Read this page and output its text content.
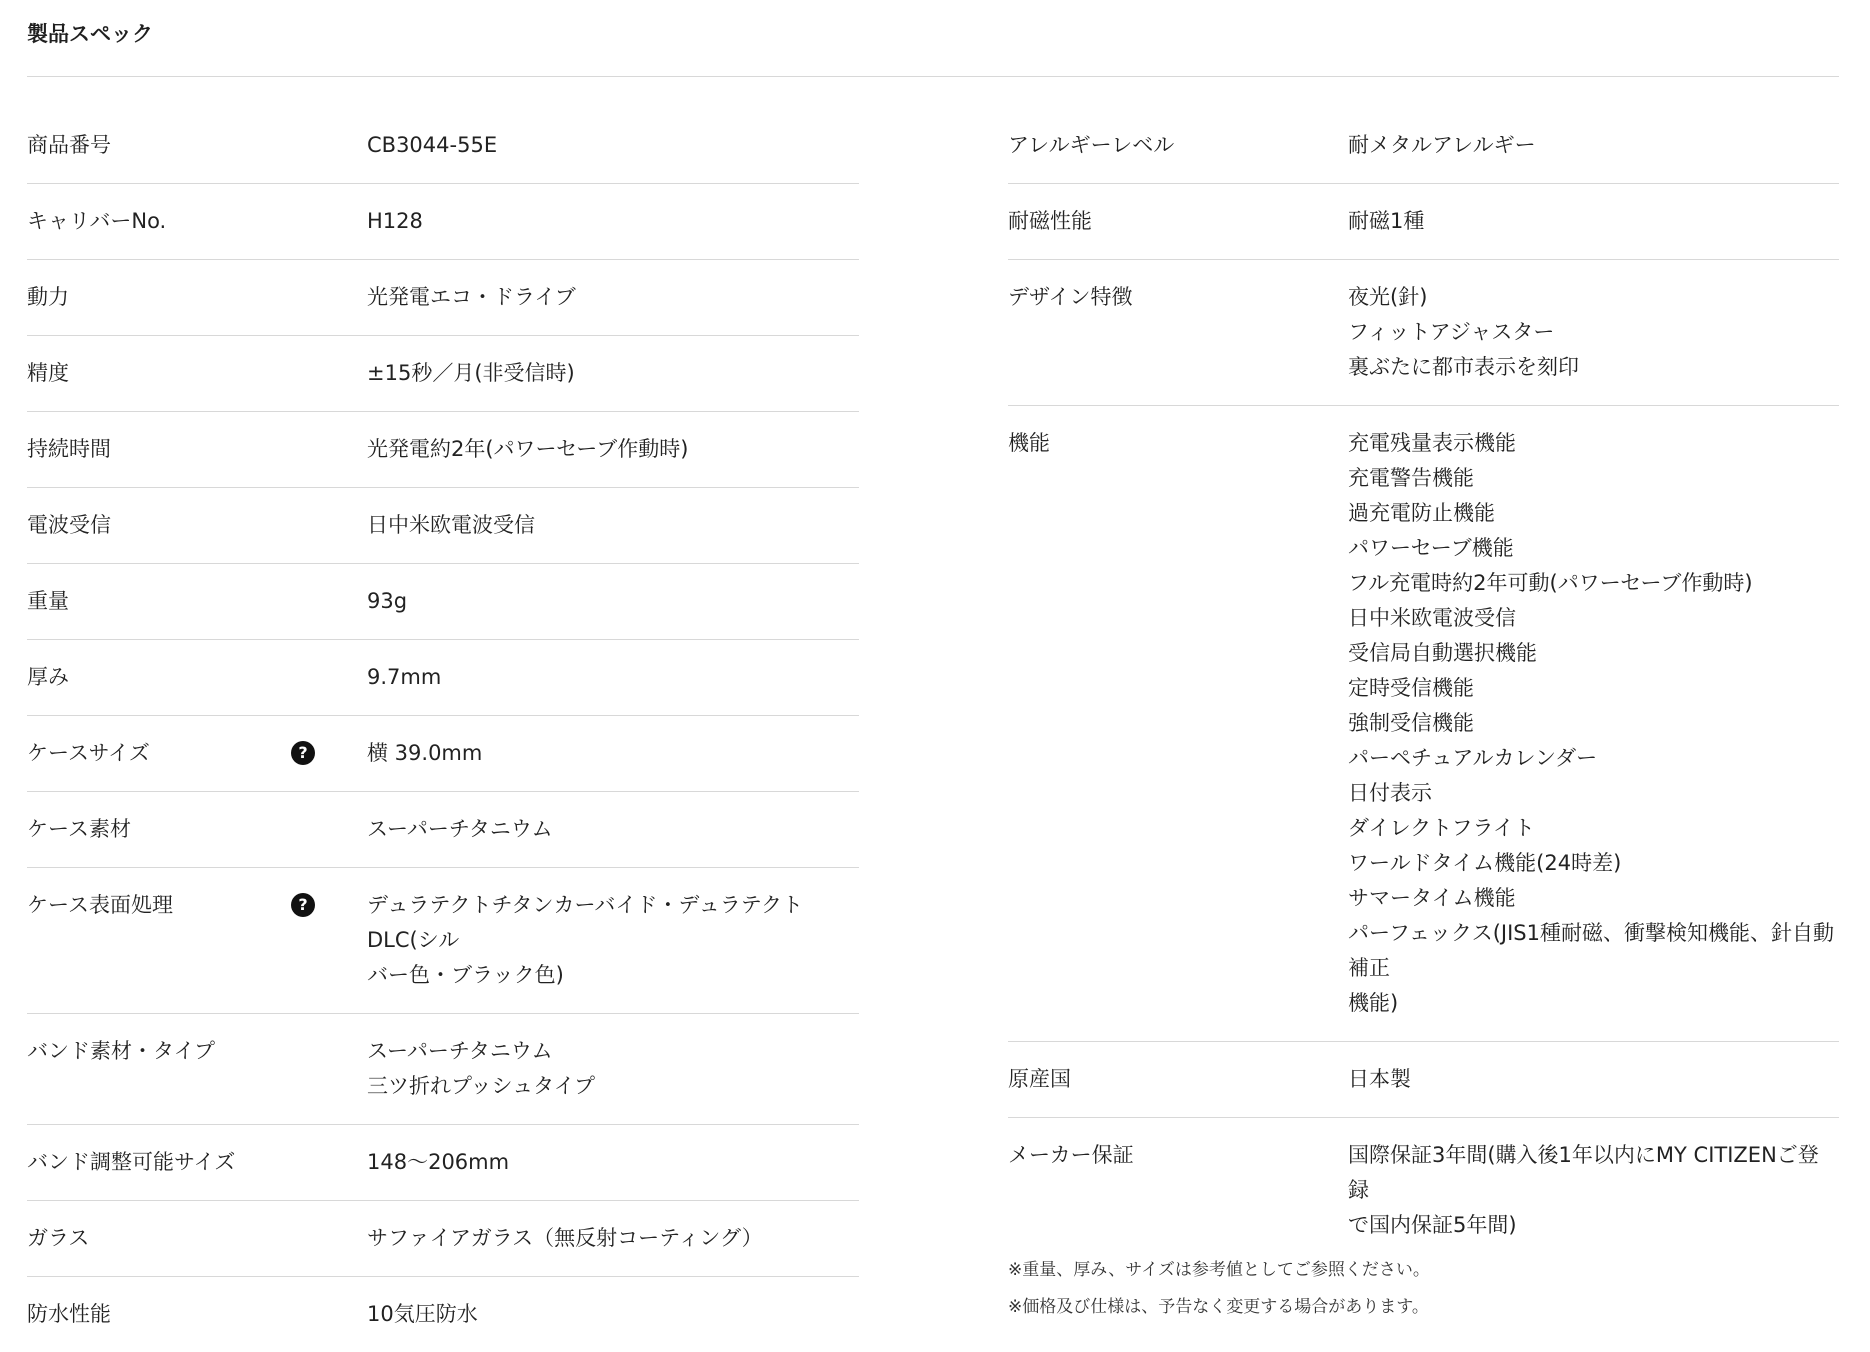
製品スペック
商品番号	CB3044-55E
キャリバーNo.	H128
動力	光発電エコ・ドライブ
精度	±15秒／月(非受信時)
持続時間	光発電約2年(パワーセーブ作動時)
電波受信	日中米欧電波受信
重量	93g
厚み	9.7mm
ケースサイズ	?	横 39.0mm
ケース素材	スーパーチタニウム
ケース表面処理	?	デュラテクトチタンカーバイド・デュラテクトDLC(シル
バー色・ブラック色)
バンド素材・タイプ	スーパーチタニウム
三ツ折れプッシュタイプ
バンド調整可能サイズ	148〜206mm
ガラス	サファイアガラス（無反射コーティング）
防水性能	10気圧防水
アレルギーレベル	耐メタルアレルギー
耐磁性能	耐磁1種
デザイン特徴	夜光(針)
フィットアジャスター
裏ぶたに都市表示を刻印
機能	充電残量表示機能
充電警告機能
過充電防止機能
パワーセーブ機能
フル充電時約2年可動(パワーセーブ作動時)
日中米欧電波受信
受信局自動選択機能
定時受信機能
強制受信機能
パーペチュアルカレンダー
日付表示
ダイレクトフライト
ワールドタイム機能(24時差)
サマータイム機能
パーフェックス(JIS1種耐磁、衝撃検知機能、針自動補正
機能)
原産国	日本製
メーカー保証	国際保証3年間(購入後1年以内にMY CITIZENご登録
で国内保証5年間)
※重量、厚み、サイズは参考値としてご参照ください。
※価格及び仕様は、予告なく変更する場合があります。
